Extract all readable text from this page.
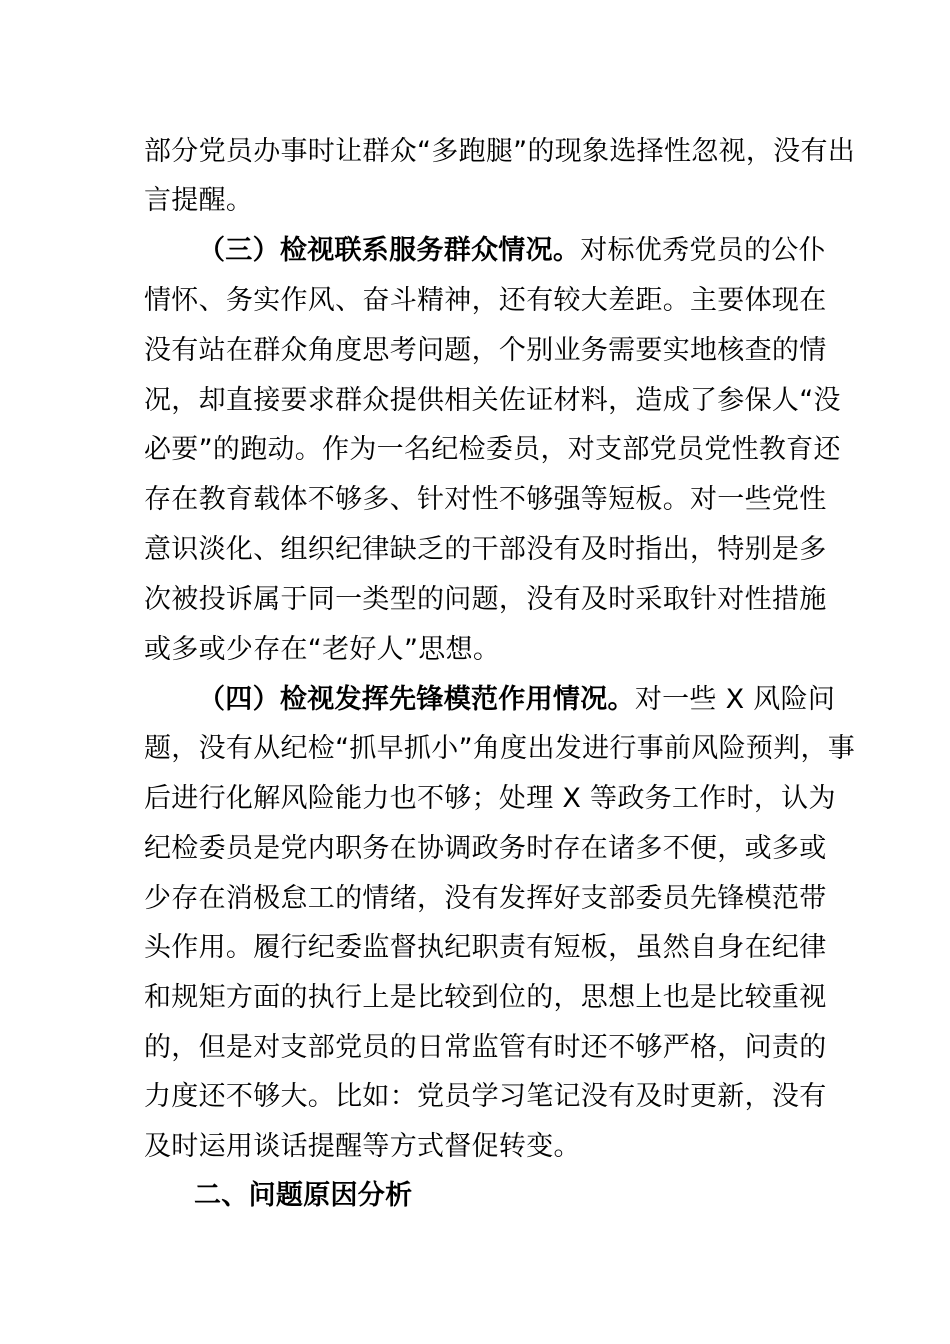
部分党员办事时让群众“多跑腿”的现象选择性忽视，没有出
言提醒。
（三）检视联系服务群众情况。对标优秀党员的公仆
情怀、务实作风、奋斗精神，还有较大差距。主要体现在
没有站在群众角度思考问题，个别业务需要实地核查的情
况，却直接要求群众提供相关佐证材料，造成了参保人“没
必要”的跑动。作为一名纪检委员，对支部党员党性教育还
存在教育载体不够多、针对性不够强等短板。对一些党性
意识淡化、组织纪律缺乏的干部没有及时指出，特别是多
次被投诉属于同一类型的问题，没有及时采取针对性措施
或多或少存在“老好人”思想。
（四）检视发挥先锋模范作用情况。对一些 X 风险问
题，没有从纪检“抓早抓小”角度出发进行事前风险预判，事
后进行化解风险能力也不够；处理 X 等政务工作时，认为
纪检委员是党内职务在协调政务时存在诸多不便，或多或
少存在消极怠工的情绪，没有发挥好支部委员先锋模范带
头作用。履行纪委监督执纪职责有短板，虽然自身在纪律
和规矩方面的执行上是比较到位的，思想上也是比较重视
的，但是对支部党员的日常监管有时还不够严格，问责的
力度还不够大。比如：党员学习笔记没有及时更新，没有
及时运用谈话提醒等方式督促转变。
二、问题原因分析
